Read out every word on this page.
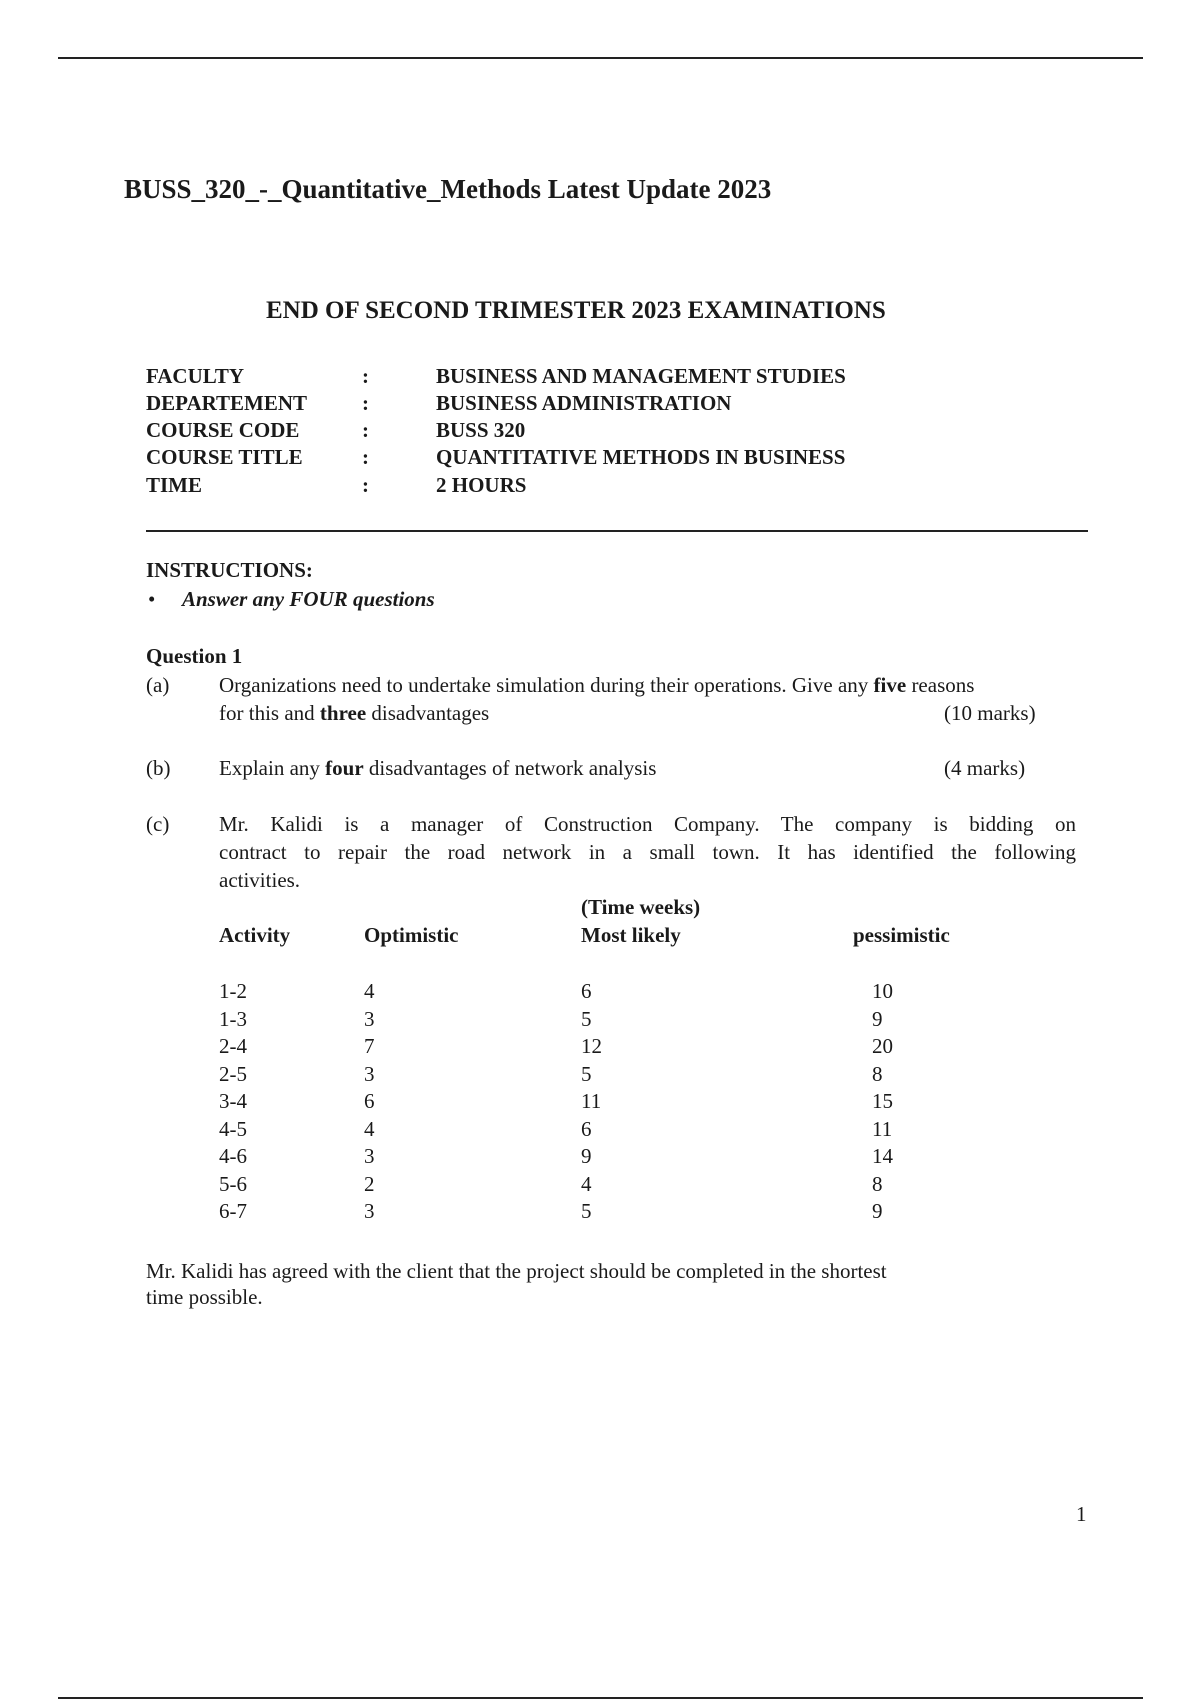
BUSS_320_-_Quantitative_Methods Latest Update 2023
END OF SECOND TRIMESTER 2023 EXAMINATIONS
FACULTY	:	BUSINESS AND MANAGEMENT STUDIES
DEPARTEMENT	:	BUSINESS ADMINISTRATION
COURSE CODE	:	BUSS 320
COURSE TITLE	:	QUANTITATIVE METHODS IN BUSINESS
TIME	:	2 HOURS
INSTRUCTIONS:
• Answer any FOUR questions
Question 1
(a) Organizations need to undertake simulation during their operations. Give any five reasons
for this and three disadvantages	(10 marks)
(b) Explain any four disadvantages of network analysis	(4 marks)
(c) Mr. Kalidi is a manager of Construction Company. The company is bidding on
contract to repair the road network in a small town. It has identified the following
activities.
(Time weeks)
Activity	Optimistic	Most likely	pessimistic
1-2	4	6	10
1-3	3	5	9
2-4	7	12	20
2-5	3	5	8
3-4	6	11	15
4-5	4	6	11
4-6	3	9	14
5-6	2	4	8
6-7	3	5	9
Mr. Kalidi has agreed with the client that the project should be completed in the shortest
time possible.
1
